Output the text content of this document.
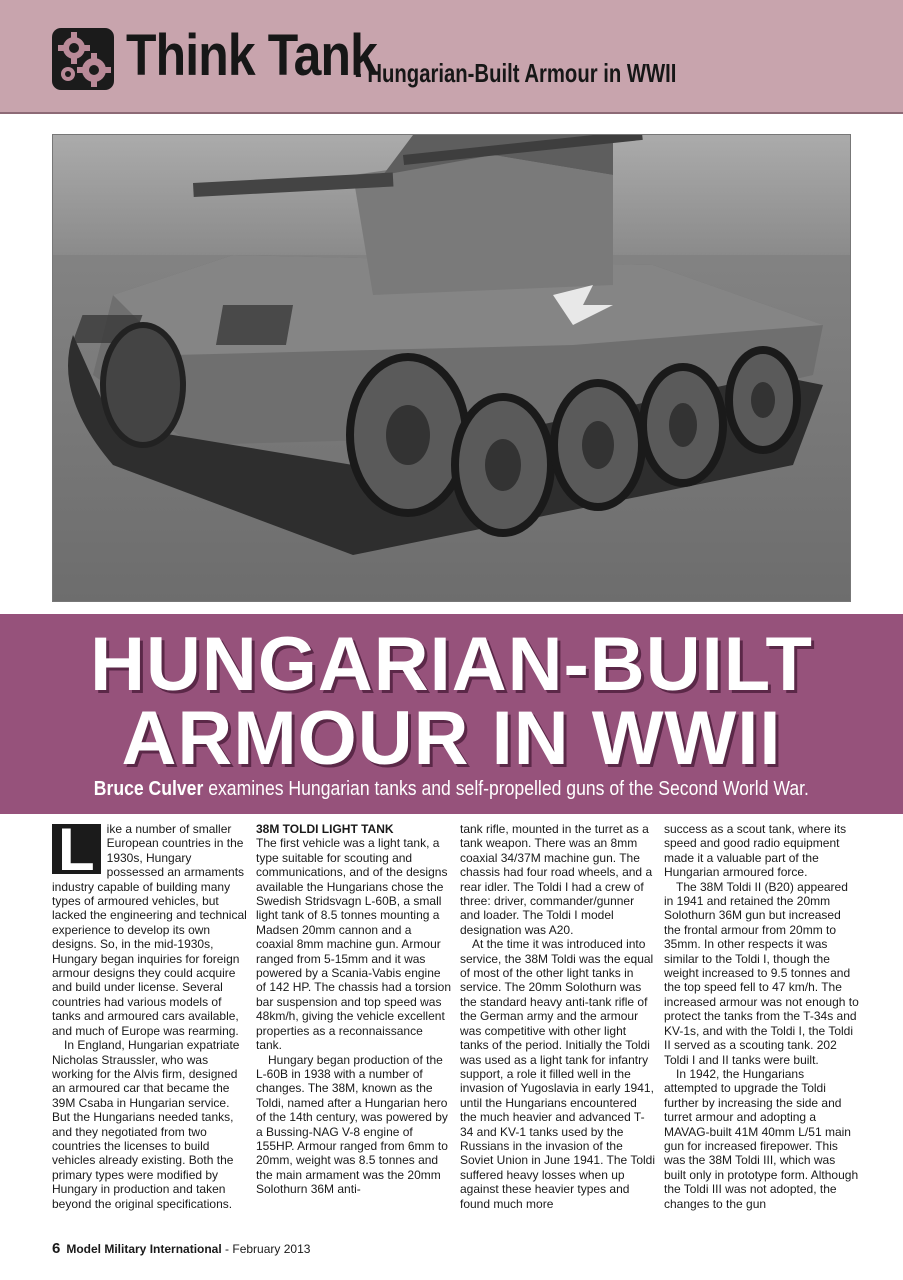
Think Tank
- Hungarian-Built Armour in WWII
HUNGARIAN-BUILT
ARMOUR IN WWII
Bruce Culver examines Hungarian tanks and self-propelled guns of the Second World War.

L	ike a number of smaller European countries in the 1930s, Hungary possessed an armaments industry capable of building many types of armoured vehicles, but lacked the engineering and technical experience to develop its own designs. So, in the mid-1930s, Hungary began inquiries for foreign armour designs they could acquire and build under license. Several countries had various models of tanks and armoured cars available, and much of Europe was rearming.

In England, Hungarian expatriate Nicholas Straussler, who was working for the Alvis firm, designed an armoured car that became the 39M Csaba in Hungarian service. But the Hungarians needed tanks, and they negotiated from two countries the licenses to build vehicles already existing. Both the primary types were modified by Hungary in production and taken beyond the original specifications.

38M TOLDI LIGHT TANK

The first vehicle was a light tank, a type suitable for scouting and communications, and of the designs available the Hungarians chose the Swedish Stridsvagn L-60B, a small light tank of 8.5 tonnes mounting a Madsen 20mm cannon and a coaxial 8mm machine gun. Armour ranged from 5-15mm and it was powered by a Scania-Vabis engine of 142 HP. The chassis had a torsion bar suspension and top speed was 48km/h, giving the vehicle excellent properties as a reconnaissance tank.

Hungary began production of the L-60B in 1938 with a number of changes. The 38M, known as the Toldi, named after a Hungarian hero of the 14th century, was powered by a Bussing-NAG V-8 engine of 155HP. Armour ranged from 6mm to 20mm, weight was 8.5 tonnes and the main armament was the 20mm Solothurn 36M anti-

tank rifle, mounted in the turret as a tank weapon. There was an 8mm coaxial 34/37M machine gun. The chassis had four road wheels, and a rear idler. The Toldi I had a crew of three: driver, commander/gunner and loader. The Toldi I model designation was A20.

At the time it was introduced into service, the 38M Toldi was the equal of most of the other light tanks in service. The 20mm Solothurn was the standard heavy anti-tank rifle of the German army and the armour was competitive with other light tanks of the period. Initially the Toldi was used as a light tank for infantry support, a role it filled well in the invasion of Yugoslavia in early 1941, until the Hungarians encountered the much heavier and advanced T-34 and KV-1 tanks used by the Russians in the invasion of the Soviet Union in June 1941. The Toldi suffered heavy losses when up against these heavier types and found much more

success as a scout tank, where its speed and good radio equipment made it a valuable part of the Hungarian armoured force.

The 38M Toldi II (B20) appeared in 1941 and retained the 20mm Solothurn 36M gun but increased the frontal armour from 20mm to 35mm. In other respects it was similar to the Toldi I, though the weight increased to 9.5 tonnes and the top speed fell to 47 km/h. The increased armour was not enough to protect the tanks from the T-34s and KV-1s, and with the Toldi I, the Toldi II served as a scouting tank. 202 Toldi I and II tanks were built.

In 1942, the Hungarians attempted to upgrade the Toldi further by increasing the side and turret armour and adopting a MAVAG-built 41M 40mm L/51 main gun for increased firepower. This was the 38M Toldi III, which was built only in prototype form. Although the Toldi III was not adopted, the changes to the gun

6 Model Military International - February 2013
